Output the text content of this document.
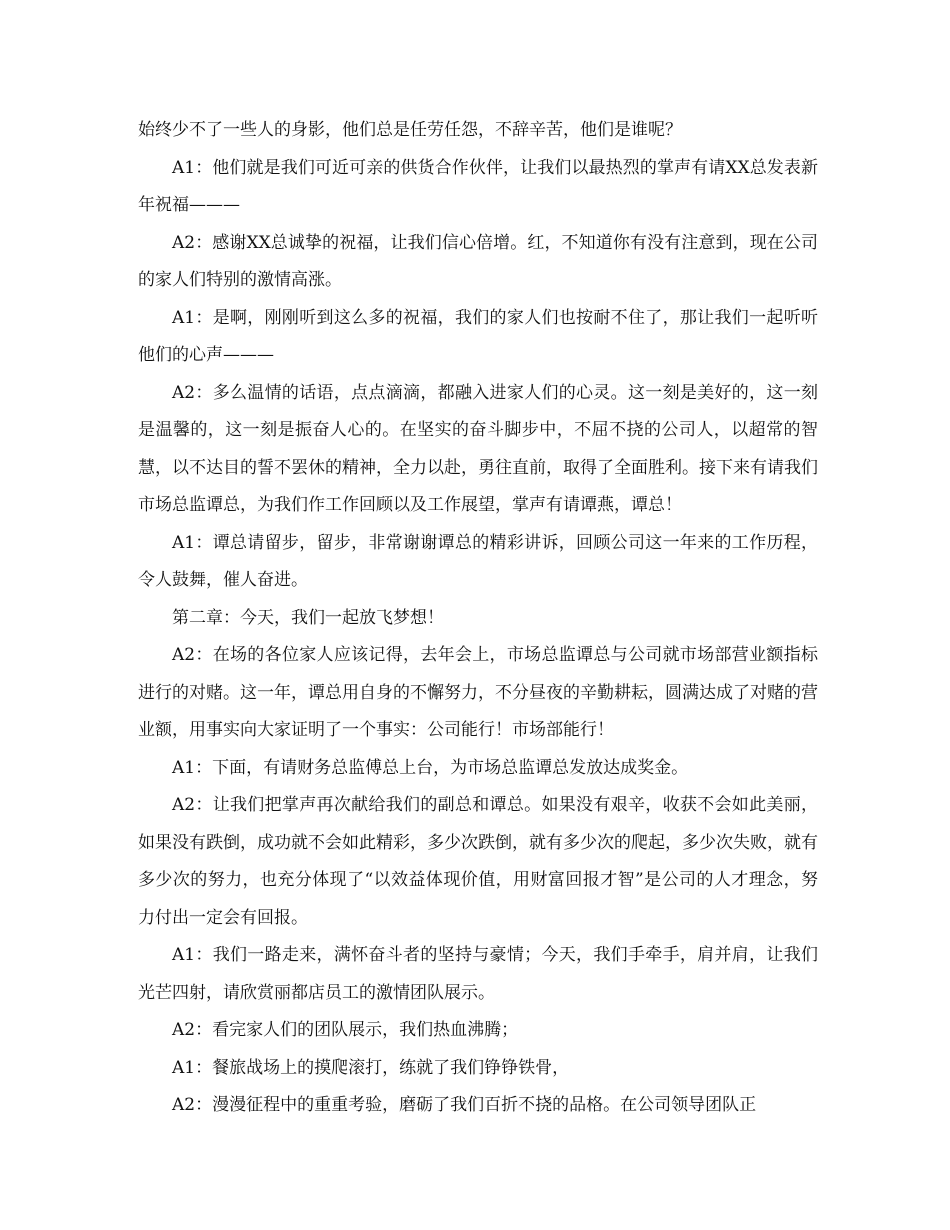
始终少不了一些人的身影，他们总是任劳任怨，不辞辛苦，他们是谁呢？

A1：他们就是我们可近可亲的供货合作伙伴，让我们以最热烈的掌声有请XX总发表新年祝福———

A2：感谢XX总诚挚的祝福，让我们信心倍增。红，不知道你有没有注意到，现在公司的家人们特别的激情高涨。

A1：是啊，刚刚听到这么多的祝福，我们的家人们也按耐不住了，那让我们一起听听他们的心声———

A2：多么温情的话语，点点滴滴，都融入进家人们的心灵。这一刻是美好的，这一刻是温馨的，这一刻是振奋人心的。在坚实的奋斗脚步中，不屈不挠的公司人，以超常的智慧，以不达目的誓不罢休的精神，全力以赴，勇往直前，取得了全面胜利。接下来有请我们市场总监谭总，为我们作工作回顾以及工作展望，掌声有请谭燕，谭总！

A1：谭总请留步，留步，非常谢谢谭总的精彩讲诉，回顾公司这一年来的工作历程，令人鼓舞，催人奋进。

第二章：今天，我们一起放飞梦想！

A2：在场的各位家人应该记得，去年会上，市场总监谭总与公司就市场部营业额指标进行的对赌。这一年，谭总用自身的不懈努力，不分昼夜的辛勤耕耘，圆满达成了对赌的营业额，用事实向大家证明了一个事实：公司能行！市场部能行！

A1：下面，有请财务总监傅总上台，为市场总监谭总发放达成奖金。

A2：让我们把掌声再次献给我们的副总和谭总。如果没有艰辛，收获不会如此美丽，如果没有跌倒，成功就不会如此精彩，多少次跌倒，就有多少次的爬起，多少次失败，就有多少次的努力，也充分体现了“以效益体现价值，用财富回报才智”是公司的人才理念，努力付出一定会有回报。

A1：我们一路走来，满怀奋斗者的坚持与豪情；今天，我们手牵手，肩并肩，让我们光芒四射，请欣赏丽都店员工的激情团队展示。

A2：看完家人们的团队展示，我们热血沸腾；

A1：餐旅战场上的摸爬滚打，练就了我们铮铮铁骨，

A2：漫漫征程中的重重考验，磨砺了我们百折不挠的品格。在公司领导团队正
